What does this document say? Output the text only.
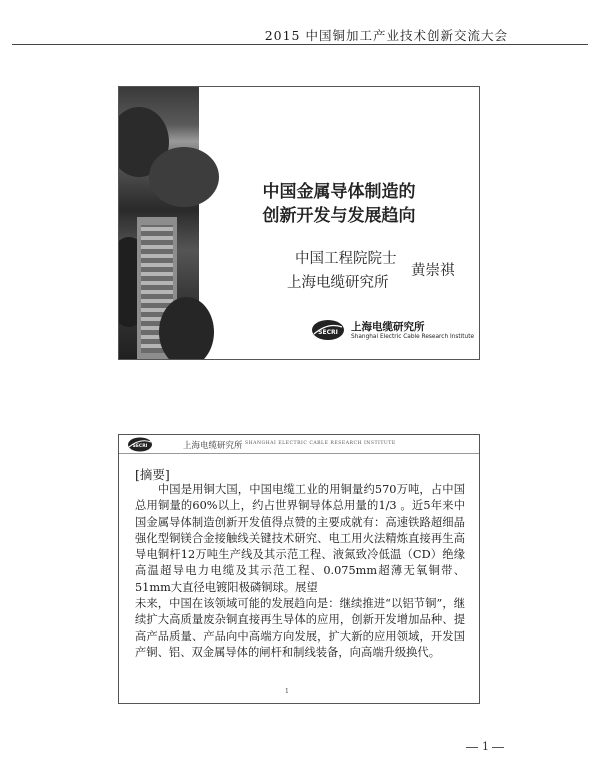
2015 中国铜加工产业技术创新交流大会
中国金属导体制造的
创新开发与发展趋向
中国工程院院士
上海电缆研究所
黄崇祺
SECRI 上海电缆研究所
Shanghai Electric Cable Research Institute
SECRI	上海电缆研究所 SHANGHAI ELECTRIC CABLE RESEARCH INSTITUTE
[摘要]

　　中国是用铜大国，中国电缆工业的用铜量约570万吨，占中国总用铜量的60%以上，约占世界铜导体总用量的1/3 。近5年来中国金属导体制造创新开发值得点赞的主要成就有：高速铁路超细晶强化型铜镁合金接触线关键技术研究、电工用火法精炼直接再生高导电铜杆12万吨生产线及其示范工程、液氮致冷低温（CD）绝缘高温超导电力电缆及其示范工程、0.075mm超薄无氧铜带、51mm大直径电镀阳极磷铜球。展望

未来，中国在该领域可能的发展趋向是：继续推进“以铝节铜”，继续扩大高质量废杂铜直接再生导体的应用，创新开发增加品种、提高产品质量、产品向中高端方向发展，扩大新的应用领域，开发国产铜、铝、双金属导体的闸杆和制线装备，向高端升级换代。

1
1
